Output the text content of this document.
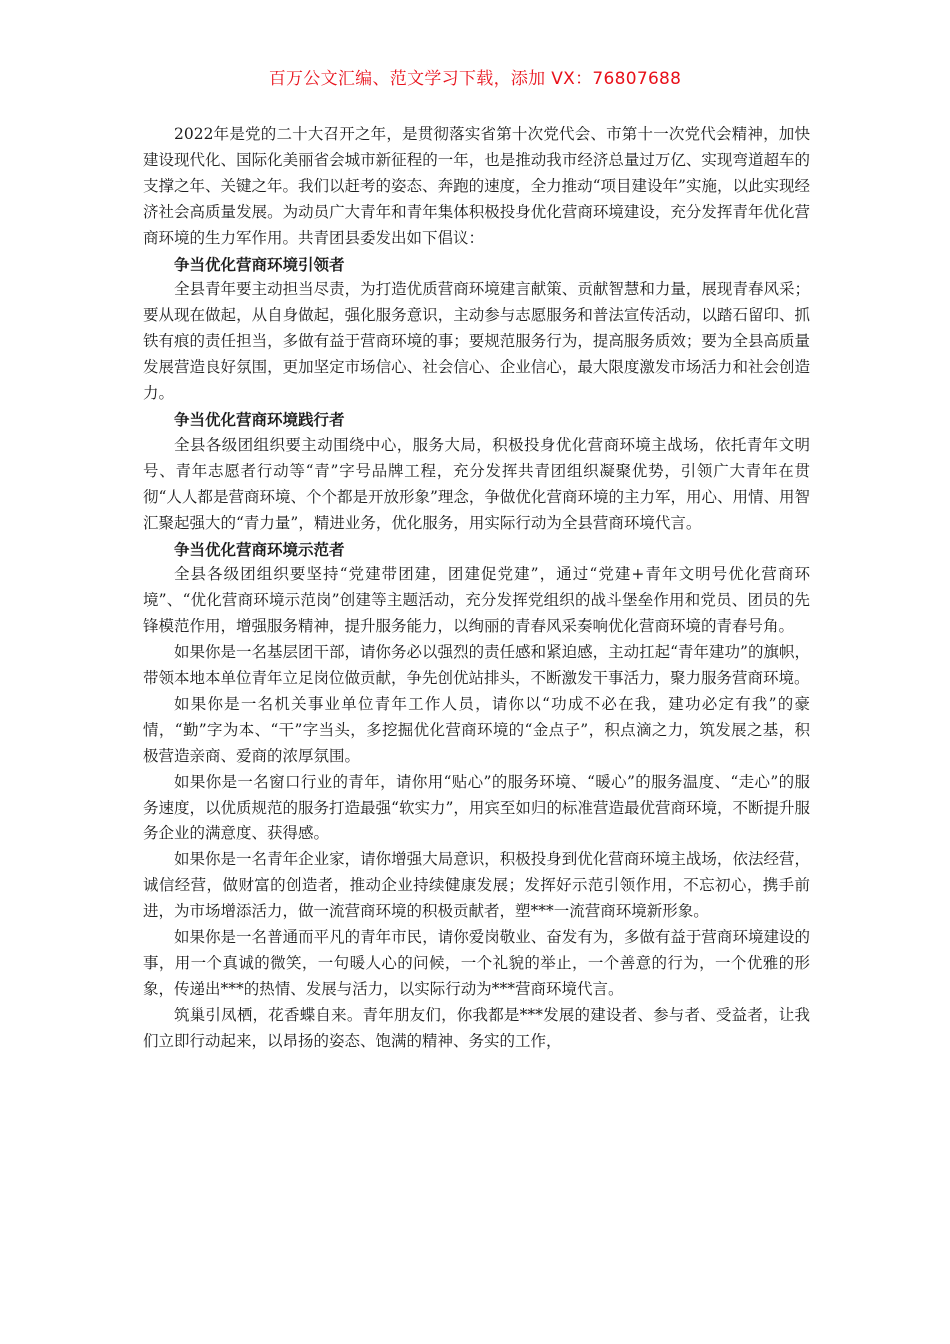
百万公文汇编、范文学习下载，添加 VX：76807688

2022年是党的二十大召开之年，是贯彻落实省第十次党代会、市第十一次党代会精神，加快建设现代化、国际化美丽省会城市新征程的一年，也是推动我市经济总量过万亿、实现弯道超车的支撑之年、关键之年。我们以赶考的姿态、奔跑的速度，全力推动“项目建设年”实施，以此实现经济社会高质量发展。为动员广大青年和青年集体积极投身优化营商环境建设，充分发挥青年优化营商环境的生力军作用。共青团县委发出如下倡议：

争当优化营商环境引领者

全县青年要主动担当尽责，为打造优质营商环境建言献策、贡献智慧和力量，展现青春风采；要从现在做起，从自身做起，强化服务意识，主动参与志愿服务和普法宣传活动，以踏石留印、抓铁有痕的责任担当，多做有益于营商环境的事；要规范服务行为，提高服务质效；要为全县高质量发展营造良好氛围，更加坚定市场信心、社会信心、企业信心，最大限度激发市场活力和社会创造力。

争当优化营商环境践行者

全县各级团组织要主动围绕中心，服务大局，积极投身优化营商环境主战场，依托青年文明号、青年志愿者行动等“青”字号品牌工程，充分发挥共青团组织凝聚优势，引领广大青年在贯彻“人人都是营商环境、个个都是开放形象”理念，争做优化营商环境的主力军，用心、用情、用智汇聚起强大的“青力量”，精进业务，优化服务，用实际行动为全县营商环境代言。

争当优化营商环境示范者

全县各级团组织要坚持“党建带团建，团建促党建”，通过“党建+青年文明号优化营商环境”、“优化营商环境示范岗”创建等主题活动，充分发挥党组织的战斗堡垒作用和党员、团员的先锋模范作用，增强服务精神，提升服务能力，以绚丽的青春风采奏响优化营商环境的青春号角。

如果你是一名基层团干部，请你务必以强烈的责任感和紧迫感，主动扛起“青年建功”的旗帜，带领本地本单位青年立足岗位做贡献，争先创优站排头，不断激发干事活力，聚力服务营商环境。

如果你是一名机关事业单位青年工作人员，请你以“功成不必在我，建功必定有我”的豪情，“勤”字为本、“干”字当头，多挖掘优化营商环境的“金点子”，积点滴之力，筑发展之基，积极营造亲商、爱商的浓厚氛围。

如果你是一名窗口行业的青年，请你用“贴心”的服务环境、“暖心”的服务温度、“走心”的服务速度，以优质规范的服务打造最强“软实力”，用宾至如归的标准营造最优营商环境，不断提升服务企业的满意度、获得感。

如果你是一名青年企业家，请你增强大局意识，积极投身到优化营商环境主战场，依法经营，诚信经营，做财富的创造者，推动企业持续健康发展；发挥好示范引领作用，不忘初心，携手前进，为市场增添活力，做一流营商环境的积极贡献者，塑***一流营商环境新形象。

如果你是一名普通而平凡的青年市民，请你爱岗敬业、奋发有为，多做有益于营商环境建设的事，用一个真诚的微笑，一句暖人心的问候，一个礼貌的举止，一个善意的行为，一个优雅的形象，传递出***的热情、发展与活力，以实际行动为***营商环境代言。

筑巢引凤栖，花香蝶自来。青年朋友们，你我都是***发展的建设者、参与者、受益者，让我们立即行动起来，以昂扬的姿态、饱满的精神、务实的工作，
